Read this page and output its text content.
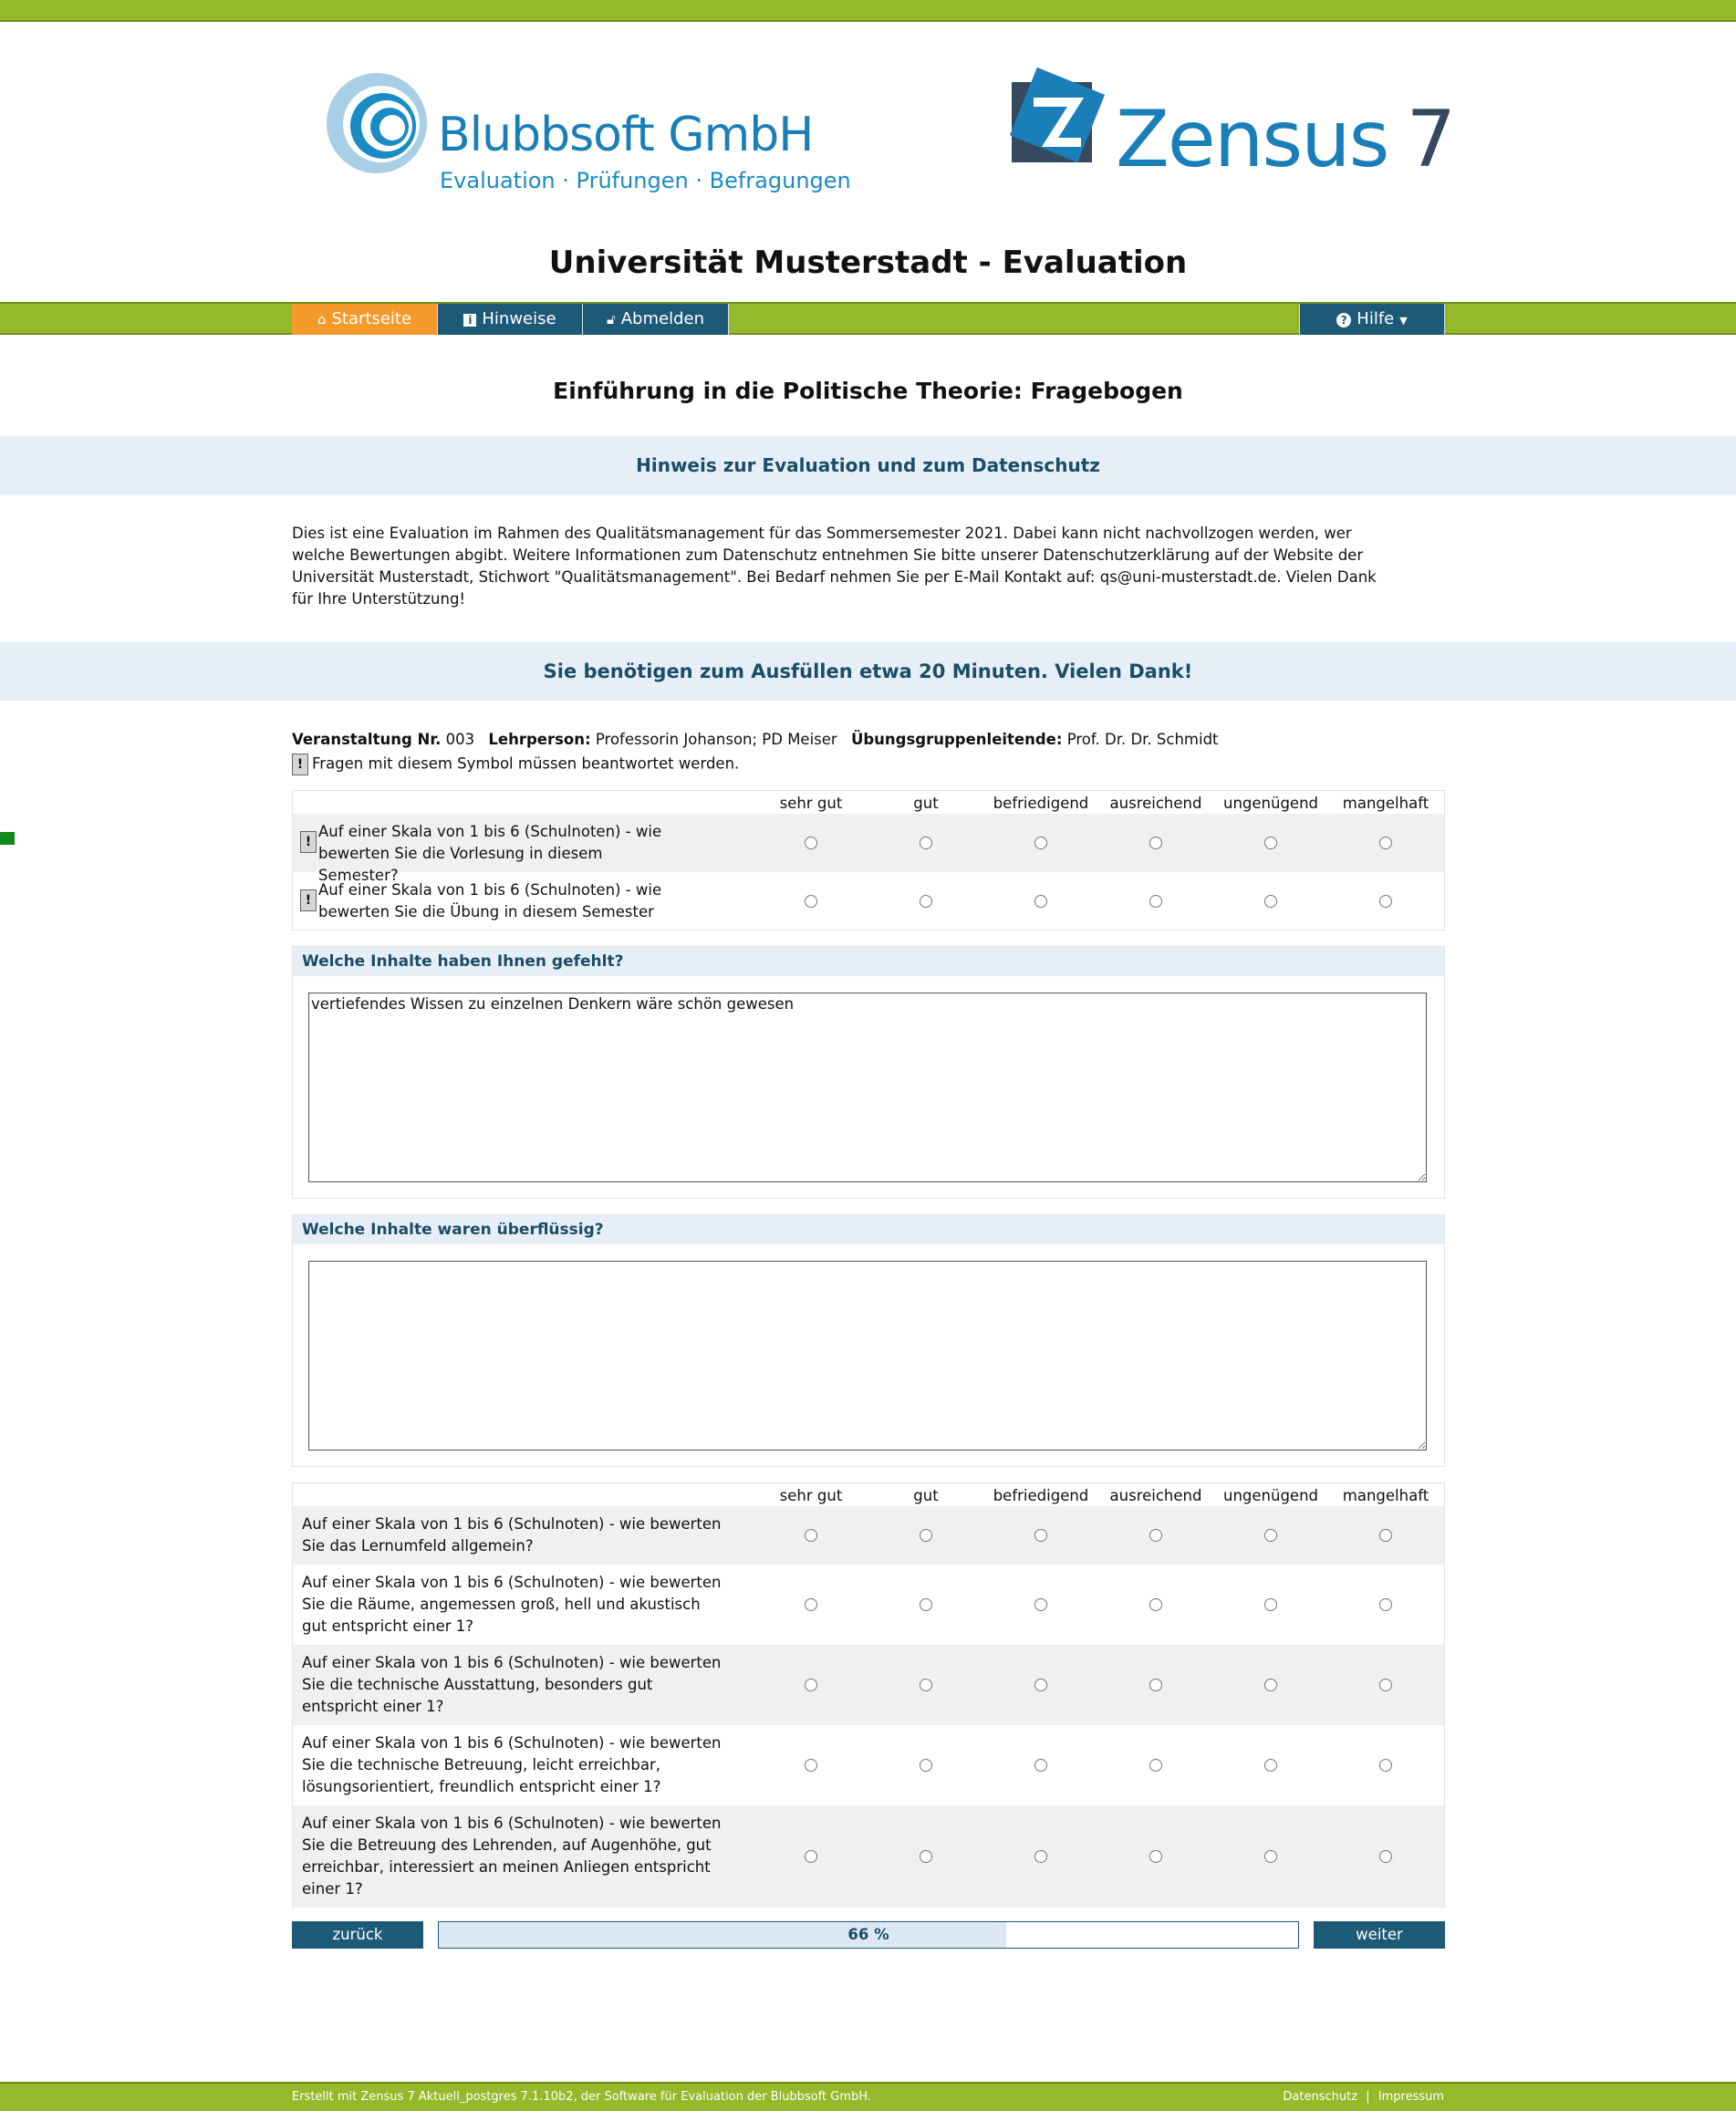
Blubbsoft GmbH
Evaluation · Prüfungen · Befragungen	Zensus 7
Universität Musterstadt - Evaluation
⌂ Startseite	i Hinweise	🔓︎ Abmelden	? Hilfe ▼
Einführung in die Politische Theorie: Fragebogen
Hinweis zur Evaluation und zum Datenschutz
Dies ist eine Evaluation im Rahmen des Qualitätsmanagement für das Sommersemester 2021. Dabei kann nicht nachvollzogen werden, wer welche Bewertungen abgibt. Weitere Informationen zum Datenschutz entnehmen Sie bitte unserer Datenschutzerklärung auf der Website der Universität Musterstadt, Stichwort "Qualitätsmanagement". Bei Bedarf nehmen Sie per E-Mail Kontakt auf: qs@uni-musterstadt.de. Vielen Dank für Ihre Unterstützung!
Sie benötigen zum Ausfüllen etwa 20 Minuten. Vielen Dank!
Veranstaltung Nr. 003 Lehrperson: Professorin Johanson; PD Meiser Übungsgruppenleitende: Prof. Dr. Dr. Schmidt
! Fragen mit diesem Symbol müssen beantwortet werden.
sehr gut	gut	befriedigend	ausreichend	ungenügend	mangelhaft
!
Auf einer Skala von 1 bis 6 (Schulnoten) - wie bewerten Sie die Vorlesung in diesem Semester?
!
Auf einer Skala von 1 bis 6 (Schulnoten) - wie bewerten Sie die Übung in diesem Semester
Welche Inhalte haben Ihnen gefehlt?
vertiefendes Wissen zu einzelnen Denkern wäre schön gewesen
Welche Inhalte waren überflüssig?
sehr gut	gut	befriedigend	ausreichend	ungenügend	mangelhaft
Auf einer Skala von 1 bis 6 (Schulnoten) - wie bewerten Sie das Lernumfeld allgemein?
Auf einer Skala von 1 bis 6 (Schulnoten) - wie bewerten Sie die Räume, angemessen groß, hell und akustisch gut entspricht einer 1?
Auf einer Skala von 1 bis 6 (Schulnoten) - wie bewerten Sie die technische Ausstattung, besonders gut entspricht einer 1?
Auf einer Skala von 1 bis 6 (Schulnoten) - wie bewerten Sie die technische Betreuung, leicht erreichbar, lösungsorientiert, freundlich entspricht einer 1?
Auf einer Skala von 1 bis 6 (Schulnoten) - wie bewerten Sie die Betreuung des Lehrenden, auf Augenhöhe, gut erreichbar, interessiert an meinen Anliegen entspricht einer 1?
zurück	66 %	weiter
Erstellt mit Zensus 7 Aktuell_postgres 7.1.10b2, der Software für Evaluation der Blubbsoft GmbH.	Datenschutz | Impressum
